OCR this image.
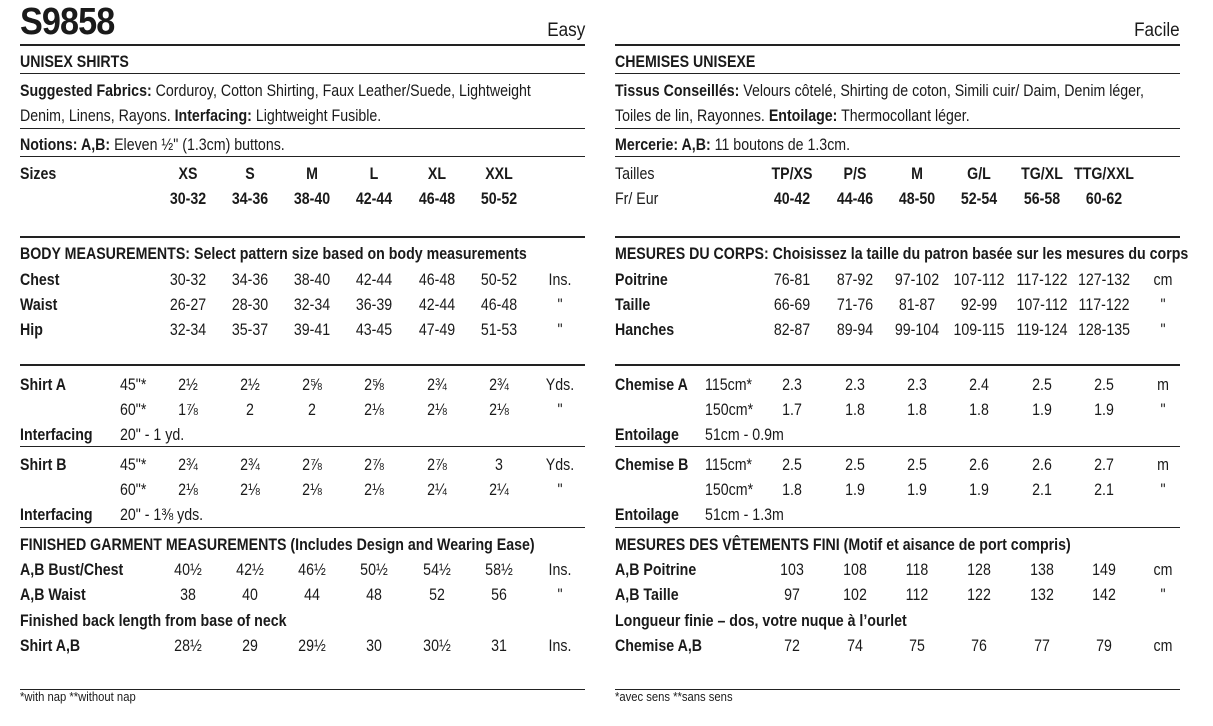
S9858	Easy
UNISEX SHIRTS
Suggested Fabrics: Corduroy, Cotton Shirting, Faux Leather/Suede, Lightweight
Denim, Linens, Rayons. Interfacing: Lightweight Fusible.
Notions: A,B: Eleven ½" (1.3cm) buttons.
Sizes
BODY MEASUREMENTS: Select pattern size based on body measurements
FINISHED GARMENT MEASUREMENTS (Includes Design and Wearing Ease)
Finished back length from base of neck
*with nap **without nap
XS	S	M	L	XL	XXL
30-32	34-36	38-40	42-44	46-48	50-52
Chest	30-32	34-36	38-40	42-44	46-48	50-52	Ins.
Waist	26-27	28-30	32-34	36-39	42-44	46-48	"
Hip	32-34	35-37	39-41	43-45	47-49	51-53	"
Shirt A	45"*	2½	2½	2⅝	2⅝	2¾	2¾	Yds.
60"*	1⅞	2	2	2⅛	2⅛	2⅛	"
Interfacing 20" - 1 yd.
Shirt B	45"*	2¾	2¾	2⅞	2⅞	2⅞	3	Yds.
60"*	2⅛	2⅛	2⅛	2⅛	2¼	2¼	"
Interfacing 20" - 1⅜ yds.
A,B Bust/Chest	40½	42½	46½	50½	54½	58½	Ins.
A,B Waist	38	40	44	48	52	56	"
Shirt A,B	28½	29	29½	30	30½	31	Ins.
Facile
CHEMISES UNISEXE
Tissus Conseillés: Velours côtelé, Shirting de coton, Simili cuir/ Daim, Denim léger,
Toiles de lin, Rayonnes. Entoilage: Thermocollant léger.
Mercerie: A,B: 11 boutons de 1.3cm.
Tailles
Fr/ Eur
MESURES DU CORPS: Choisissez la taille du patron basée sur les mesures du corps
MESURES DES VÊTEMENTS FINI (Motif et aisance de port compris)
Longueur finie – dos, votre nuque à l’ourlet
*avec sens **sans sens
TP/XS	P/S	M	G/L	TG/XL TTG/XXL
40-42	44-46	48-50	52-54	56-58	60-62
Poitrine	76-81	87-92	97-102 107-112 117-122 127-132	cm
Taille	66-69	71-76	81-87	92-99	107-112 117-122	"
Hanches	82-87	89-94	99-104 109-115 119-124 128-135	"
Chemise A 115cm*	2.3	2.3	2.3	2.4	2.5	2.5	m
150cm*	1.7	1.8	1.8	1.8	1.9	1.9	"
Entoilage 51cm - 0.9m
Chemise B 115cm*	2.5	2.5	2.5	2.6	2.6	2.7	m
150cm*	1.8	1.9	1.9	1.9	2.1	2.1	"
Entoilage 51cm - 1.3m
A,B Poitrine	103	108	118	128	138	149	cm
A,B Taille	97	102	112	122	132	142	"
Chemise A,B	72	74	75	76	77	79	cm
